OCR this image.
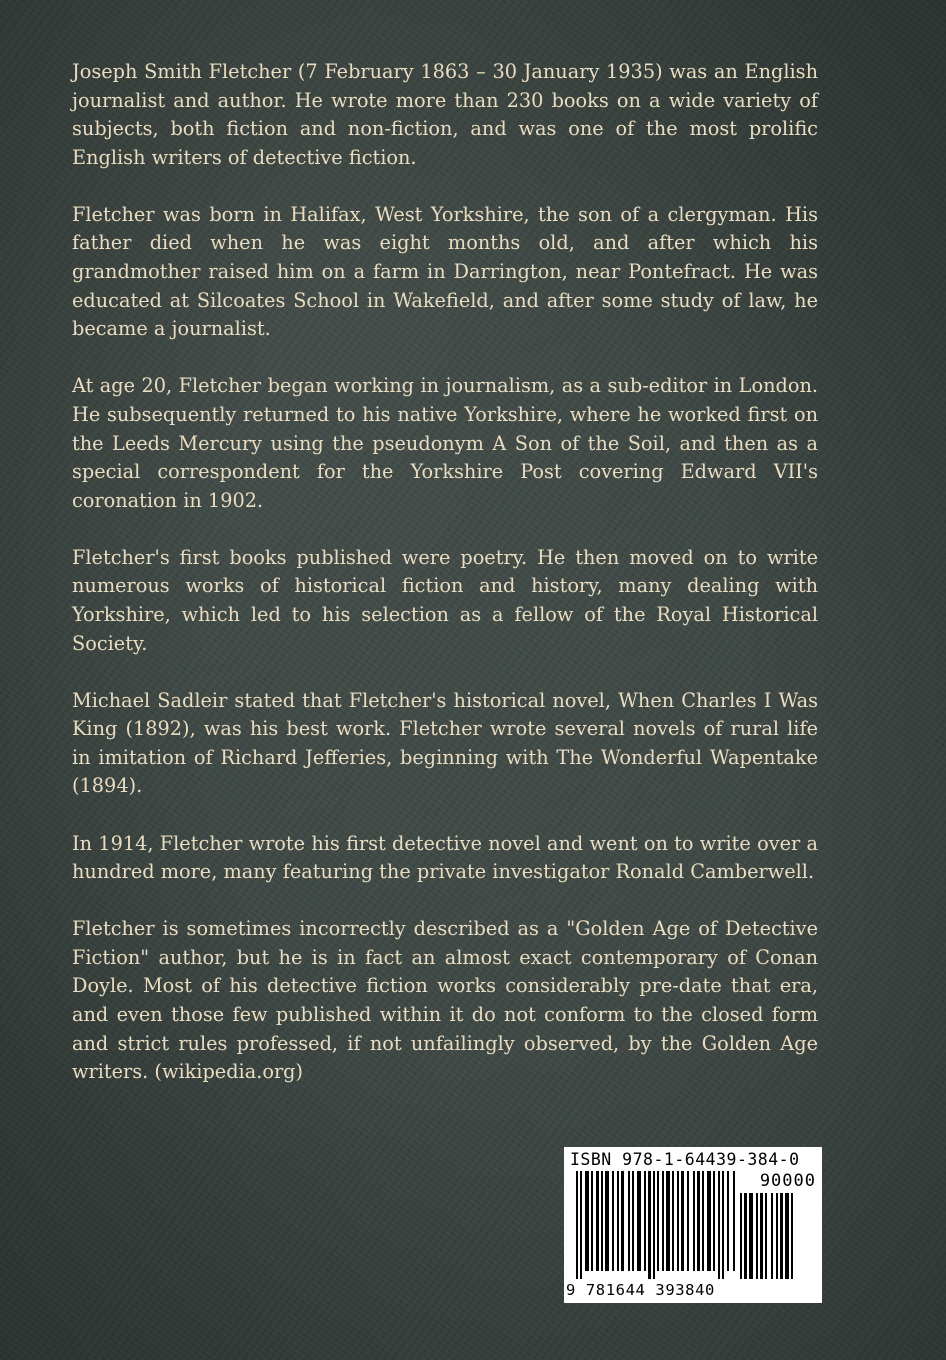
Joseph Smith Fletcher (7 February 1863 – 30 January 1935) was an English journalist and author. He wrote more than 230 books on a wide variety of subjects, both fiction and non-fiction, and was one of the most prolific English writers of detective fiction.

Fletcher was born in Halifax, West Yorkshire, the son of a clergyman. His father died when he was eight months old, and after which his grandmother raised him on a farm in Darrington, near Pontefract. He was educated at Silcoates School in Wakefield, and after some study of law, he became a journalist.

At age 20, Fletcher began working in journalism, as a sub-editor in London. He subsequently returned to his native Yorkshire, where he worked first on the Leeds Mercury using the pseudonym A Son of the Soil, and then as a special correspondent for the Yorkshire Post covering Edward VII's coronation in 1902.

Fletcher's first books published were poetry. He then moved on to write numerous works of historical fiction and history, many dealing with Yorkshire, which led to his selection as a fellow of the Royal Historical Society.

Michael Sadleir stated that Fletcher's historical novel, When Charles I Was King (1892), was his best work. Fletcher wrote several novels of rural life in imitation of Richard Jefferies, beginning with The Wonderful Wapentake (1894).

In 1914, Fletcher wrote his first detective novel and went on to write over a hundred more, many featuring the private investigator Ronald Camberwell.

Fletcher is sometimes incorrectly described as a "Golden Age of Detective Fiction" author, but he is in fact an almost exact contemporary of Conan Doyle. Most of his detective fiction works considerably pre-date that era, and even those few published within it do not conform to the closed form and strict rules professed, if not unfailingly observed, by the Golden Age writers. (wikipedia.org)

ISBN 978-1-64439-384-0
90000
9 781644 393840
